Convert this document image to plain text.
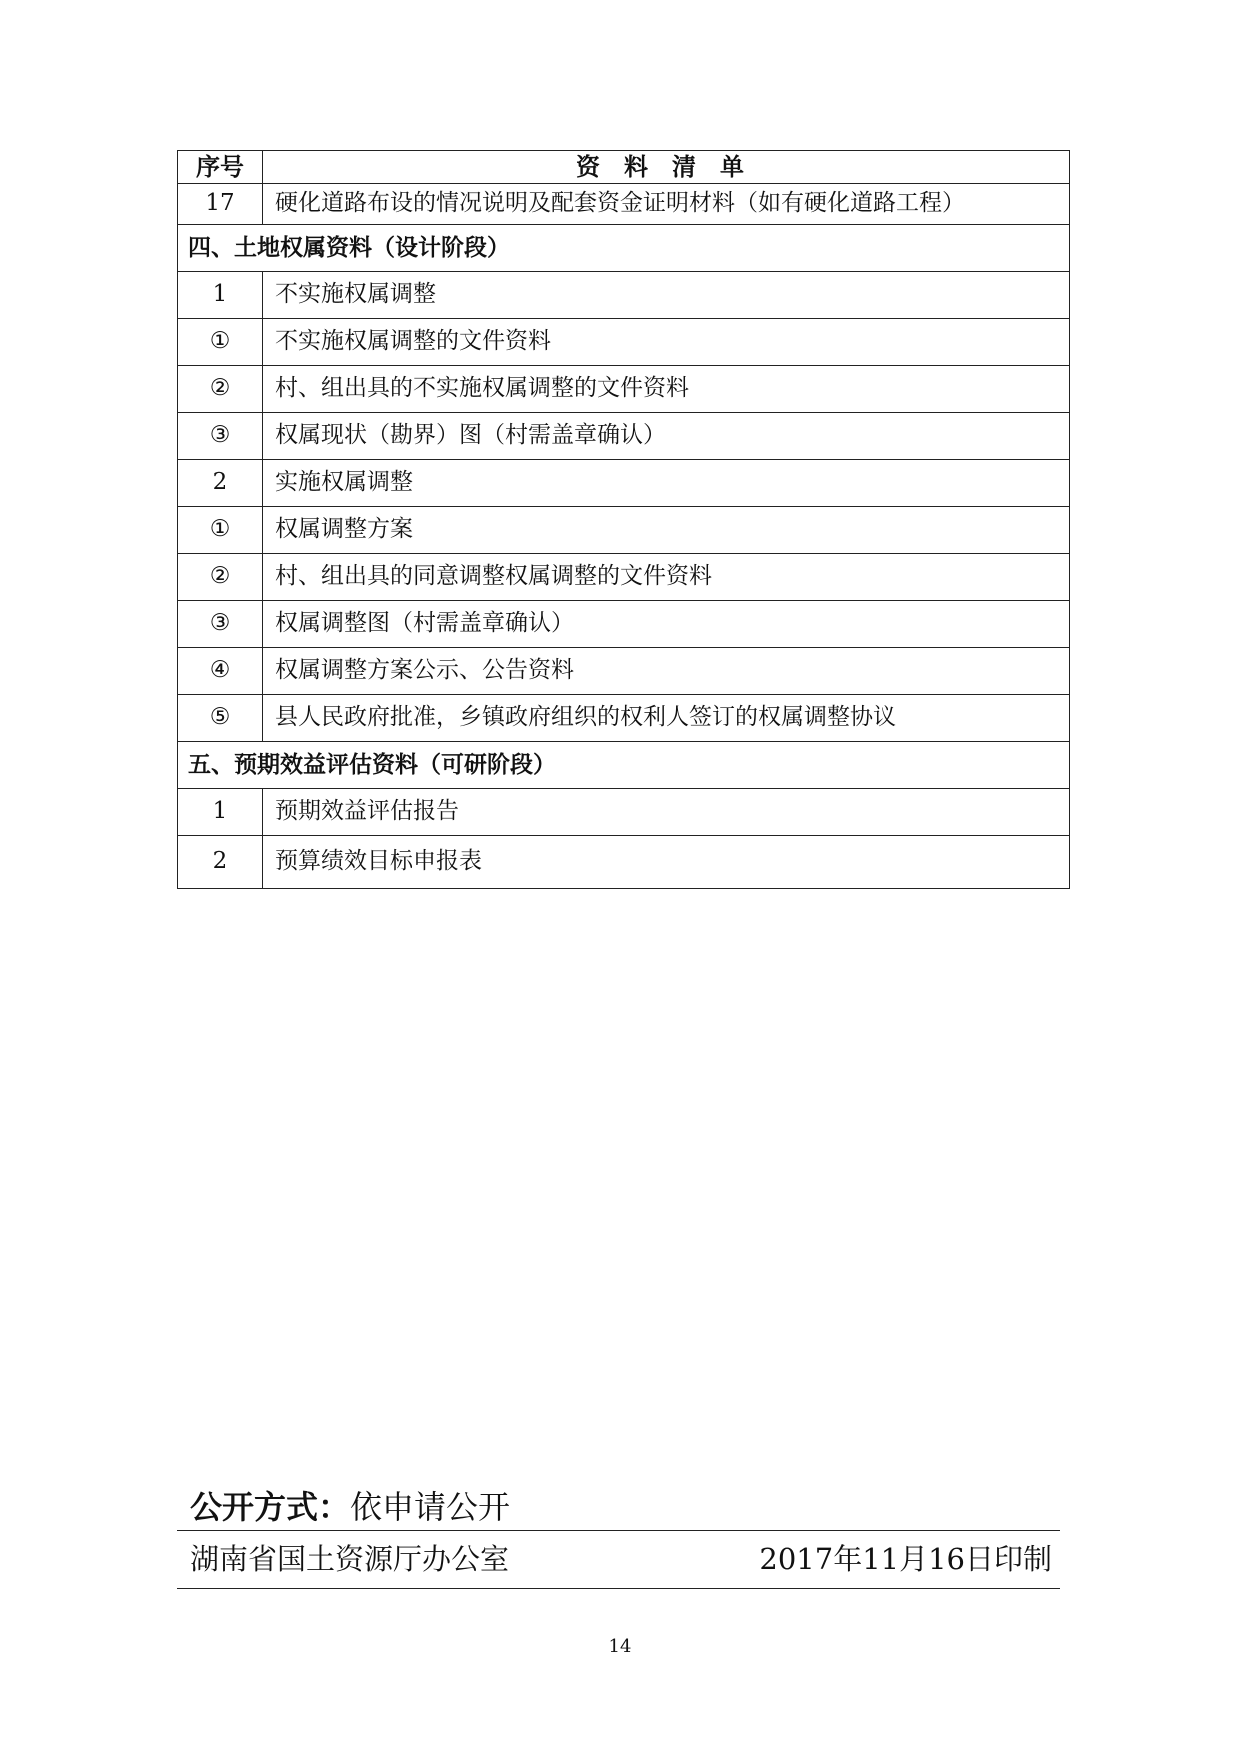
序号	资料清单
17	硬化道路布设的情况说明及配套资金证明材料（如有硬化道路工程）
四、土地权属资料（设计阶段）	
1	不实施权属调整
①	不实施权属调整的文件资料
②	村、组出具的不实施权属调整的文件资料
③	权属现状（勘界）图（村需盖章确认）
2	实施权属调整
①	权属调整方案
②	村、组出具的同意调整权属调整的文件资料
③	权属调整图（村需盖章确认）
④	权属调整方案公示、公告资料
⑤	县人民政府批准，乡镇政府组织的权利人签订的权属调整协议
五、预期效益评估资料（可研阶段）	
1	预期效益评估报告
2	预算绩效目标申报表
公开方式：依申请公开
湖南省国土资源厅办公室	2017年11月16日印制
14
